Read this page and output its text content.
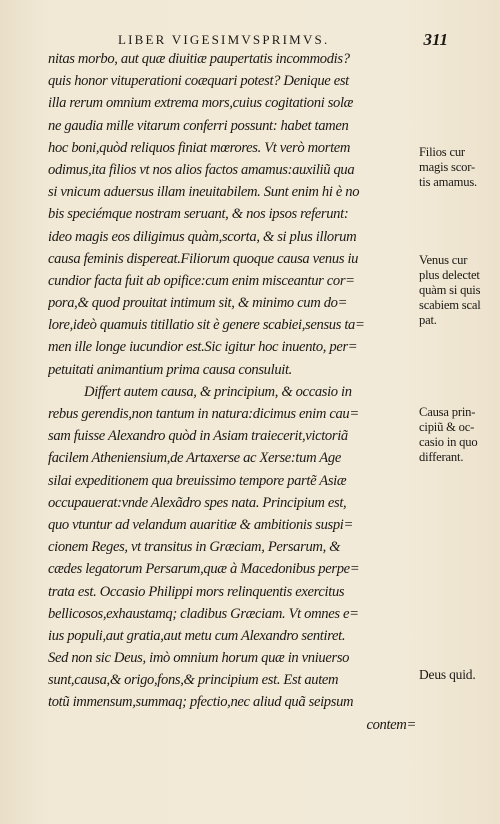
LIBER VIGESIMVSPRIMVS.	311
nitas morbo, aut quæ diuitiæ paupertatis incommodis?
quis honor vituperationi coæquari potest? Denique est
illa rerum omnium extrema mors,cuius cogitationi solæ
ne gaudia mille vitarum conferri possunt: habet tamen
hoc boni,quòd reliquos finiat mœrores. Vt verò mortem
odimus,ita filios vt nos alios factos amamus:auxiliũ qua
si vnicum aduersus illam ineuitabilem. Sunt enim hi è no
bis speciémque nostram seruant, & nos ipsos referunt:
ideo magis eos diligimus quàm,scorta, & si plus illorum
causa feminis dispereat.Filiorum quoque causa venus iu
cundior facta fuit ab opifice:cum enim misceantur cor=
pora,& quod prouitat intimum sit, & minimo cum do=
lore,ideò quamuis titillatio sit è genere scabiei,sensus ta=
men ille longe iucundior est.Sic igitur hoc inuento, per=
petuitati animantium prima causa consuluit.
Differt autem causa, & principium, & occasio in
rebus gerendis,non tantum in natura:dicimus enim cau=
sam fuisse Alexandro quòd in Asiam traiecerit,victoriã
facilem Atheniensium,de Artaxerse ac Xerse:tum Age
silai expeditionem qua breuissimo tempore partẽ Asiæ
occupauerat:vnde Alexãdro spes nata. Principium est,
quo vtuntur ad velandum auaritiæ & ambitionis suspi=
cionem Reges, vt transitus in Græciam, Persarum, &
cædes legatorum Persarum,quæ à Macedonibus perpe=
trata est. Occasio Philippi mors relinquentis exercitus
bellicosos,exhaustamq; cladibus Græciam. Vt omnes e=
ius populi,aut gratia,aut metu cum Alexandro sentiret.
Sed non sic Deus, imò omnium horum quæ in vniuerso
sunt,causa,& origo,fons,& principium est. Est autem
totũ immensum,summaq; pfectio,nec aliud quã seipsum
contem=
Filios cur
magis scor-
tis amamus.
Venus cur
plus delectet
quàm si quis
scabiem scal
pat.
Causa prin-
cipiũ & oc-
casio in quo
differant.
Deus quid.
